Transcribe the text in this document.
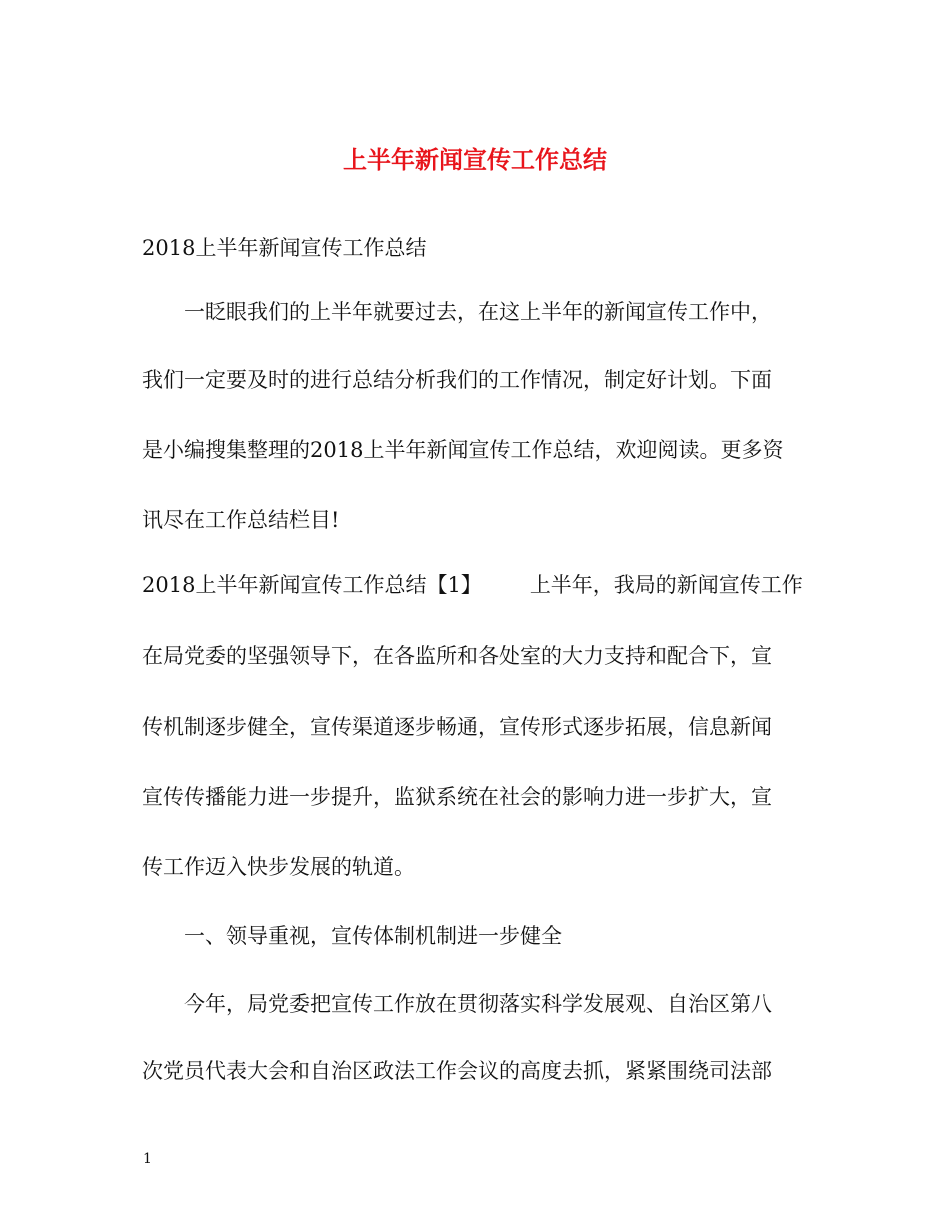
上半年新闻宣传工作总结
2018上半年新闻宣传工作总结
一眨眼我们的上半年就要过去，在这上半年的新闻宣传工作中，
我们一定要及时的进行总结分析我们的工作情况，制定好计划。下面
是小编搜集整理的2018上半年新闻宣传工作总结，欢迎阅读。更多资
讯尽在工作总结栏目!
2018上半年新闻宣传工作总结【1】 上半年，我局的新闻宣传工作
在局党委的坚强领导下，在各监所和各处室的大力支持和配合下，宣
传机制逐步健全，宣传渠道逐步畅通，宣传形式逐步拓展，信息新闻
宣传传播能力进一步提升，监狱系统在社会的影响力进一步扩大，宣
传工作迈入快步发展的轨道。
一、领导重视，宣传体制机制进一步健全
今年，局党委把宣传工作放在贯彻落实科学发展观、自治区第八
次党员代表大会和自治区政法工作会议的高度去抓，紧紧围绕司法部
1
